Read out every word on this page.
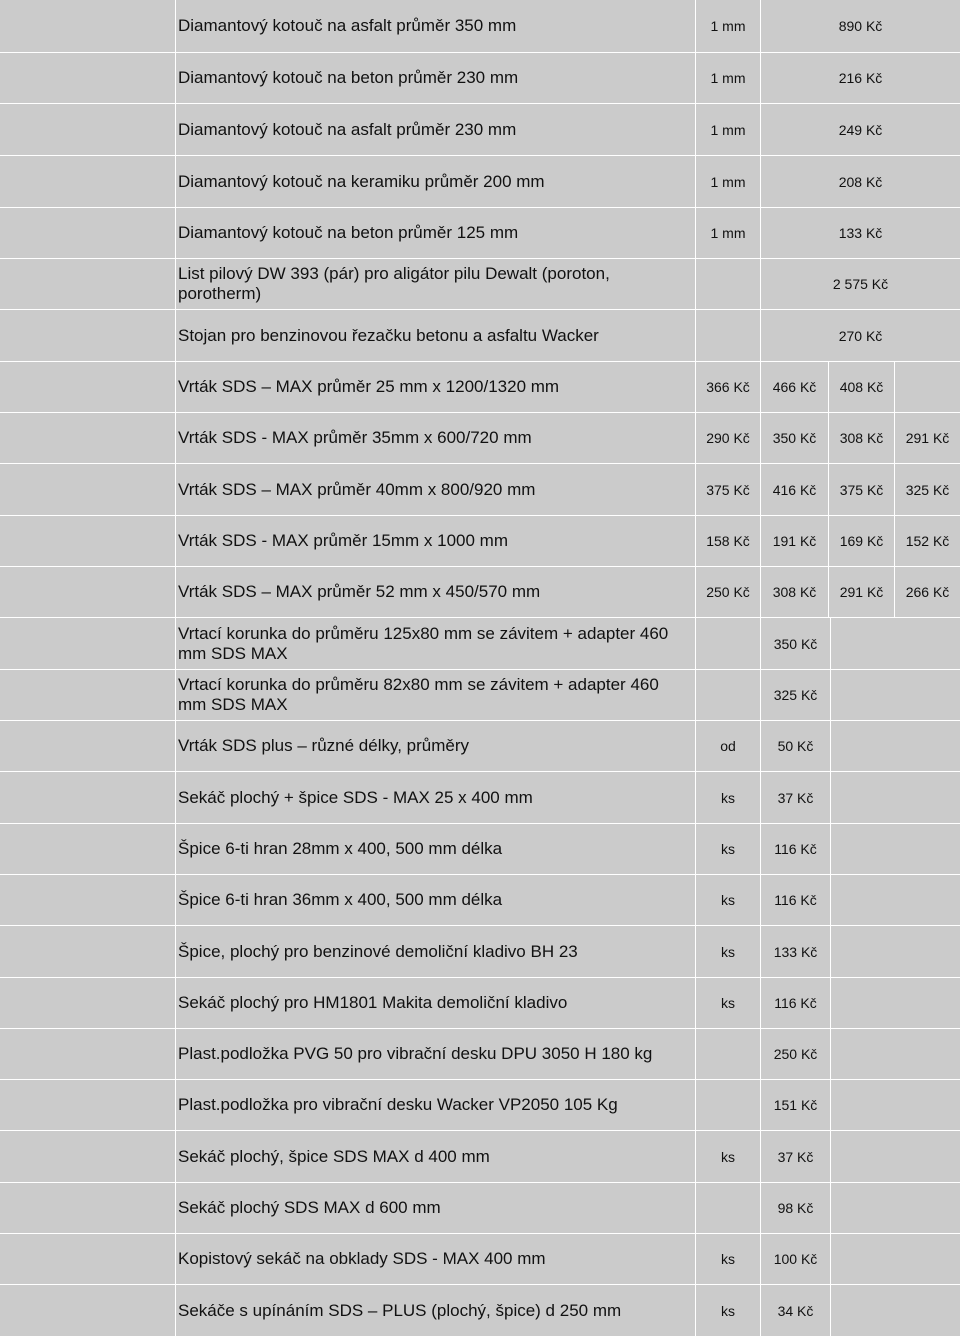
Diamantový kotouč na asfalt průměr 350 mm	1 mm	890 Kč
Diamantový kotouč na beton průměr 230 mm	1 mm	216 Kč
Diamantový kotouč na asfalt průměr 230 mm	1 mm	249 Kč
Diamantový kotouč na keramiku průměr 200 mm	1 mm	208 Kč
Diamantový kotouč na beton průměr 125 mm	1 mm	133 Kč
List pilový DW 393 (pár) pro aligátor pilu Dewalt (poroton, porotherm)	2 575 Kč
Stojan pro benzinovou řezačku betonu a asfaltu Wacker	270 Kč
Vrták SDS – MAX průměr 25 mm x 1200/1320 mm	366 Kč	466 Kč	408 Kč
Vrták SDS - MAX průměr 35mm x 600/720 mm	290 Kč	350 Kč	308 Kč	291 Kč
Vrták SDS – MAX průměr 40mm x 800/920 mm	375 Kč	416 Kč	375 Kč	325 Kč
Vrták SDS - MAX průměr 15mm x 1000 mm	158 Kč	191 Kč	169 Kč	152 Kč
Vrták SDS – MAX průměr 52 mm x 450/570 mm	250 Kč	308 Kč	291 Kč	266 Kč
Vrtací korunka do průměru 125x80 mm se závitem + adapter 460 mm SDS MAX	350 Kč
Vrtací korunka do průměru 82x80 mm se závitem + adapter 460 mm SDS MAX	325 Kč
Vrták SDS plus – různé délky, průměry	od	50 Kč
Sekáč plochý + špice SDS - MAX 25 x 400 mm	ks	37 Kč
Špice 6-ti hran 28mm x 400, 500 mm délka	ks	116 Kč
Špice 6-ti hran 36mm x 400, 500 mm délka	ks	116 Kč
Špice, plochý pro benzinové demoliční kladivo BH 23	ks	133 Kč
Sekáč plochý pro HM1801 Makita demoliční kladivo	ks	116 Kč
Plast.podložka PVG 50 pro vibrační desku DPU 3050 H 180 kg	250 Kč
Plast.podložka pro vibrační desku Wacker VP2050 105 Kg	151 Kč
Sekáč plochý, špice SDS MAX d 400 mm	ks	37 Kč
Sekáč plochý SDS MAX d 600 mm	98 Kč
Kopistový sekáč na obklady SDS - MAX 400 mm	ks	100 Kč
Sekáče s upínáním SDS – PLUS (plochý, špice) d 250 mm	ks	34 Kč
